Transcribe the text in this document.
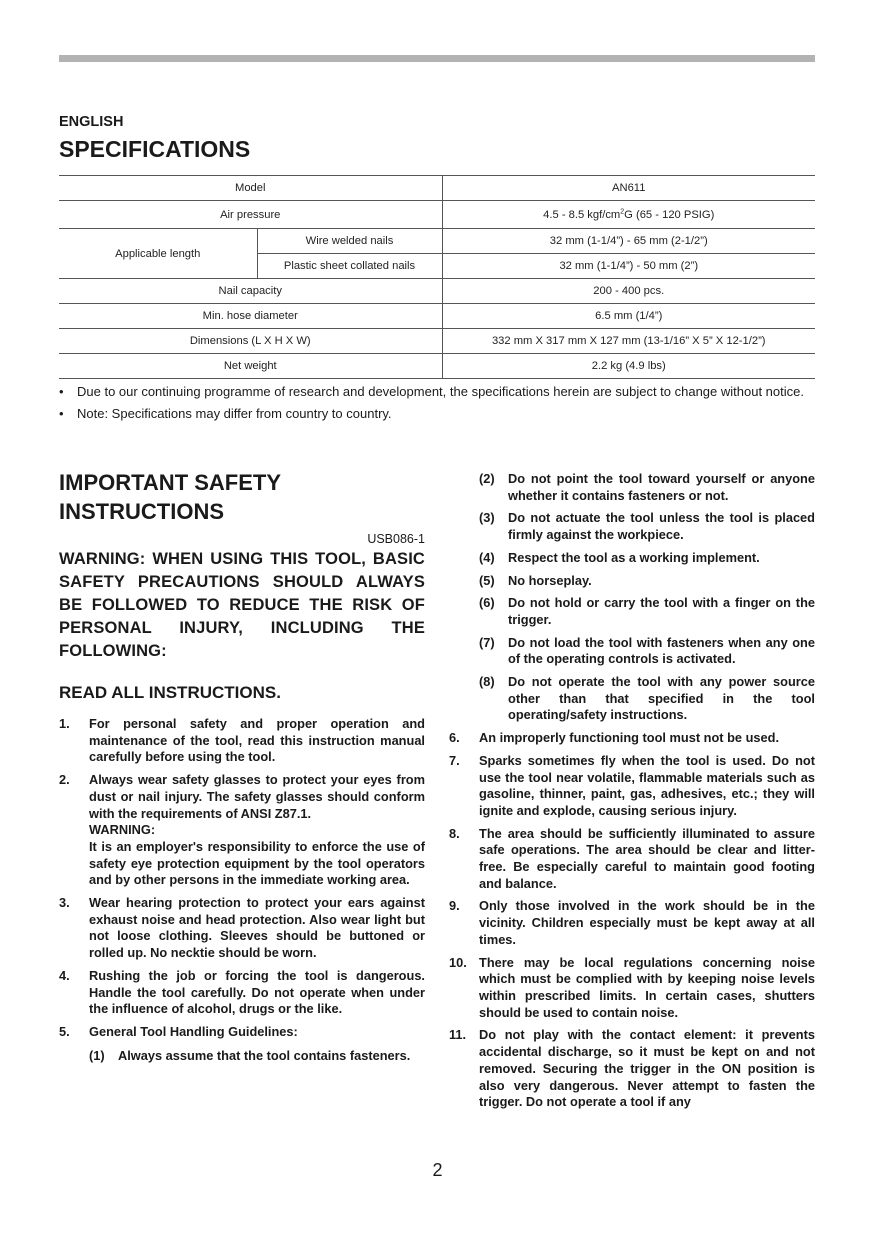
ENGLISH
SPECIFICATIONS
Model		AN611
Air pressure		4.5 - 8.5 kgf/$cm^2G$ (65 - 120 PSIG)
Applicable length	Wire welded nails	32 mm (1-1/4”) - 65 mm (2-1/2”)
	Plastic sheet collated nails	32 mm (1-1/4”) - 50 mm (2”)
Nail capacity		200 - 400 pcs.
Min. hose diameter		6.5 mm (1/4”)
Dimensions (L X H X W)		332 mm X 317 mm X 127 mm (13-1/16” X 5” X 12-1/2”)
Net weight		2.2 kg (4.9 lbs)
• Due to our continuing programme of research and development, the specifications herein are subject to change without notice.
• Note: Specifications may differ from country to country.
IMPORTANT SAFETY
INSTRUCTIONS
USB086-1
WARNING: WHEN USING THIS TOOL, BASIC SAFETY PRECAUTIONS SHOULD ALWAYS BE FOLLOWED TO REDUCE THE RISK OF PERSONAL INJURY, INCLUDING THE FOLLOWING:
READ ALL INSTRUCTIONS.
1. For personal safety and proper operation and maintenance of the tool, read this instruction manual carefully before using the tool.
2. Always wear safety glasses to protect your eyes from dust or nail injury. The safety glasses should conform with the requirements of ANSI Z87.1.
WARNING:
It is an employer's responsibility to enforce the use of safety eye protection equipment by the tool operators and by other persons in the immediate working area.
3. Wear hearing protection to protect your ears against exhaust noise and head protection. Also wear light but not loose clothing. Sleeves should be buttoned or rolled up. No necktie should be worn.
4. Rushing the job or forcing the tool is dangerous. Handle the tool carefully. Do not operate when under the influence of alcohol, drugs or the like.
5. General Tool Handling Guidelines:
(1) Always assume that the tool contains fasteners.
(2) Do not point the tool toward yourself or anyone whether it contains fasteners or not.
(3) Do not actuate the tool unless the tool is placed firmly against the workpiece.
(4) Respect the tool as a working implement.
(5) No horseplay.
(6) Do not hold or carry the tool with a finger on the trigger.
(7) Do not load the tool with fasteners when any one of the operating controls is activated.
(8) Do not operate the tool with any power source other than that specified in the tool operating/safety instructions.
6. An improperly functioning tool must not be used.
7. Sparks sometimes fly when the tool is used. Do not use the tool near volatile, flammable materials such as gasoline, thinner, paint, gas, adhesives, etc.; they will ignite and explode, causing serious injury.
8. The area should be sufficiently illuminated to assure safe operations. The area should be clear and litter-free. Be especially careful to maintain good footing and balance.
9. Only those involved in the work should be in the vicinity. Children especially must be kept away at all times.
10. There may be local regulations concerning noise which must be complied with by keeping noise levels within prescribed limits. In certain cases, shutters should be used to contain noise.
11. Do not play with the contact element: it prevents accidental discharge, so it must be kept on and not removed. Securing the trigger in the ON position is also very dangerous. Never attempt to fasten the trigger. Do not operate a tool if any
2
